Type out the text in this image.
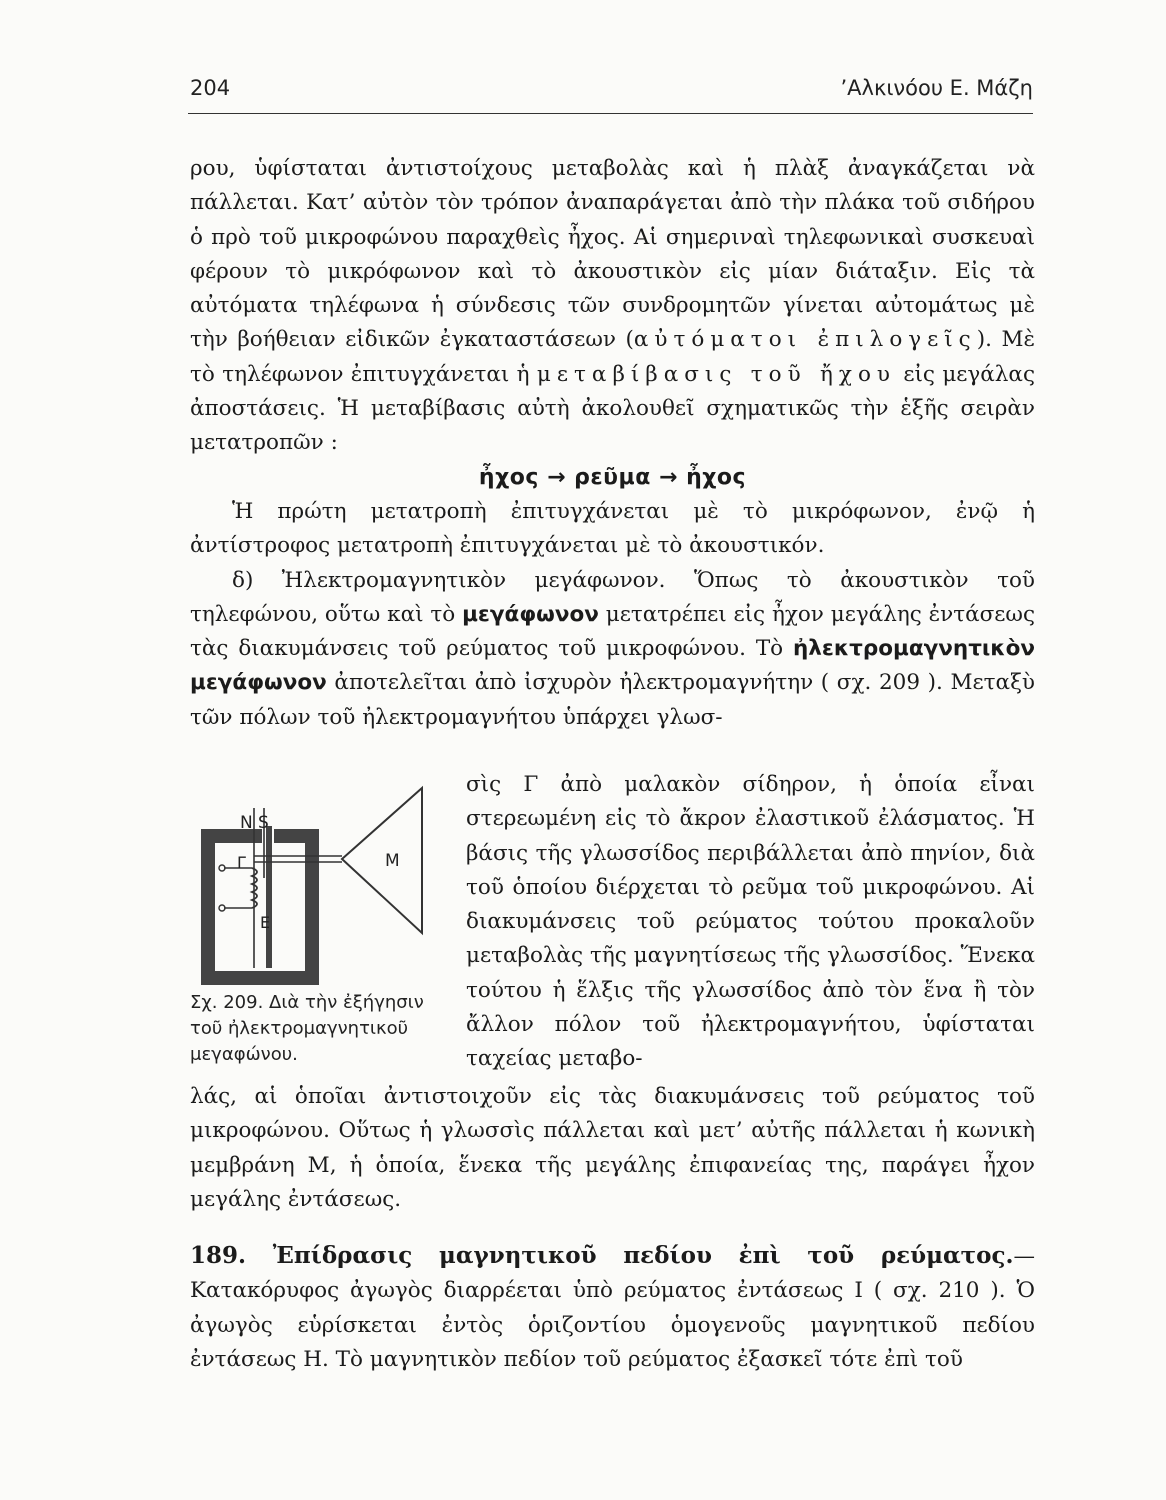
204	’Αλκινόου Ε. Μάζη

ρου, ὑφίσταται ἀντιστοίχους μεταβολὰς καὶ ἡ πλὰξ ἀναγκάζεται νὰ πάλλεται. Κατ’ αὐτὸν τὸν τρόπον ἀναπαράγεται ἀπὸ τὴν πλάκα τοῦ σιδήρου ὁ πρὸ τοῦ μικροφώνου παραχθεὶς ἦχος. Αἱ σημεριναὶ τηλεφωνικαὶ συσκευαὶ φέρουν τὸ μικρόφωνον καὶ τὸ ἀκουστικὸν εἰς μίαν διάταξιν. Εἰς τὰ αὐτόματα τηλέφωνα ἡ σύνδεσις τῶν συνδρομητῶν γίνεται αὐτομάτως μὲ τὴν βοήθειαν εἰδικῶν ἐγκαταστάσεων (αὐτόματοι ἐπιλογεῖς). Μὲ τὸ τηλέφωνον ἐπιτυγχάνεται ἡ μεταβίβασις τοῦ ἤχου εἰς μεγάλας ἀποστάσεις. Ἡ μεταβίβασις αὐτὴ ἀκολουθεῖ σχηματικῶς τὴν ἑξῆς σειρὰν μετατροπῶν :

ἦχος → ρεῦμα → ἦχος

Ἡ πρώτη μετατροπὴ ἐπιτυγχάνεται μὲ τὸ μικρόφωνον, ἐνῷ ἡ ἀντίστροφος μετατροπὴ ἐπιτυγχάνεται μὲ τὸ ἀκουστικόν.

δ) Ἠλεκτρομαγνητικὸν μεγάφωνον. Ὅπως τὸ ἀκουστικὸν τοῦ τηλεφώνου, οὕτω καὶ τὸ μεγάφωνον μετατρέπει εἰς ἦχον μεγάλης ἐντάσεως τὰς διακυμάνσεις τοῦ ρεύματος τοῦ μικροφώνου. Τὸ ἠλεκτρομαγνητικὸν μεγάφωνον ἀποτελεῖται ἀπὸ ἰσχυρὸν ἠλεκτρομαγνήτην ( σχ. 209 ). Μεταξὺ τῶν πόλων τοῦ ἠλεκτρομαγνήτου ὑπάρχει γλωσ-

N S
Γ
E
M
Σχ. 209. Διὰ τὴν ἐξήγησιν τοῦ ἠλεκτρομαγνητικοῦ μεγαφώνου.

σὶς Γ ἀπὸ μαλακὸν σίδηρον, ἡ ὁποία εἶναι στερεωμένη εἰς τὸ ἄκρον ἐλαστικοῦ ἐλάσματος. Ἡ βάσις τῆς γλωσσίδος περιβάλλεται ἀπὸ πηνίον, διὰ τοῦ ὁποίου διέρχεται τὸ ρεῦμα τοῦ μικροφώνου. Αἱ διακυμάνσεις τοῦ ρεύματος τούτου προκαλοῦν μεταβολὰς τῆς μαγνητίσεως τῆς γλωσσίδος. Ἕνεκα τούτου ἡ ἕλξις τῆς γλωσσίδος ἀπὸ τὸν ἕνα ἢ τὸν ἄλλον πόλον τοῦ ἠλεκτρομαγνήτου, ὑφίσταται ταχείας μεταβο-

λάς, αἱ ὁποῖαι ἀντιστοιχοῦν εἰς τὰς διακυμάνσεις τοῦ ρεύματος τοῦ μικροφώνου. Οὕτως ἡ γλωσσὶς πάλλεται καὶ μετ’ αὐτῆς πάλλεται ἡ κωνικὴ μεμβράνη Μ, ἡ ὁποία, ἕνεκα τῆς μεγάλης ἐπιφανείας της, παράγει ἦχον μεγάλης ἐντάσεως.

189. Ἐπίδρασις μαγνητικοῦ πεδίου ἐπὶ τοῦ ρεύματος.—Κατακόρυφος ἀγωγὸς διαρρέεται ὑπὸ ρεύματος ἐντάσεως Ι ( σχ. 210 ). Ὁ ἀγωγὸς εὑρίσκεται ἐντὸς ὁριζοντίου ὁμογενοῦς μαγνητικοῦ πεδίου ἐντάσεως Η. Τὸ μαγνητικὸν πεδίον τοῦ ρεύματος ἐξασκεῖ τότε ἐπὶ τοῦ
